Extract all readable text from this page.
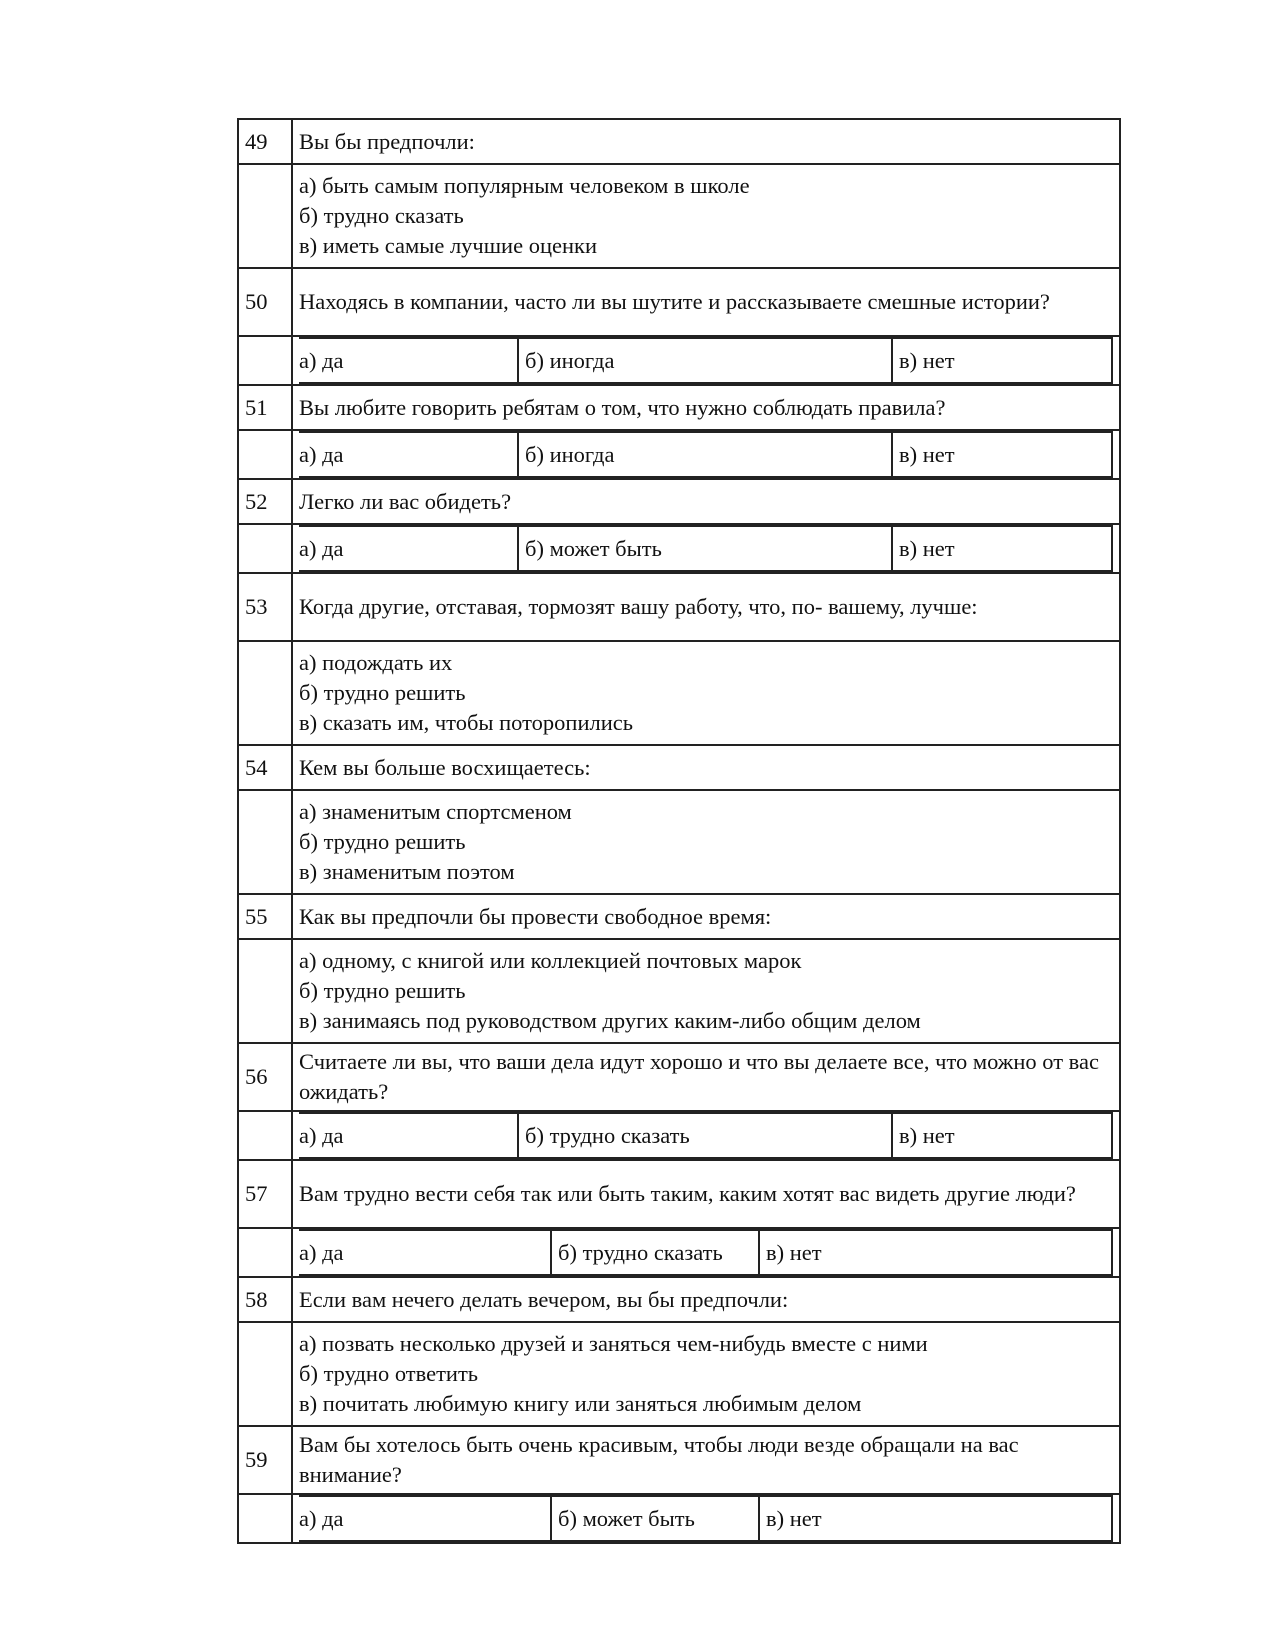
49	Вы бы предпочли:

а) быть самым популярным человеком в школе
б) трудно сказать
в) иметь самые лучшие оценки

50	Находясь в компании, часто ли вы шутите и рассказываете смешные истории?

а) да	б) иногда	в) нет

51	Вы любите говорить ребятам о том, что нужно соблюдать правила?

а) да	б) иногда	в) нет

52	Легко ли вас обидеть?

а) да	б) может быть	в) нет

53	Когда другие, отставая, тормозят вашу работу, что, по- вашему, лучше:

а) подождать их
б) трудно решить
в) сказать им, чтобы поторопились

54	Кем вы больше восхищаетесь:

а) знаменитым спортсменом
б) трудно решить
в) знаменитым поэтом

55	Как вы предпочли бы провести свободное время:

а) одному, с книгой или коллекцией почтовых марок
б) трудно решить
в) занимаясь под руководством других каким-либо общим делом

56	Считаете ли вы, что ваши дела идут хорошо и что вы делаете все, что можно от вас ожидать?

а) да	б) трудно сказать	в) нет

57	Вам трудно вести себя так или быть таким, каким хотят вас видеть другие люди?

а) да	б) трудно сказать	в) нет

58	Если вам нечего делать вечером, вы бы предпочли:

а) позвать несколько друзей и заняться чем-нибудь вместе с ними
б) трудно ответить
в) почитать любимую книгу или заняться любимым делом

59	Вам бы хотелось быть очень красивым, чтобы люди везде обращали на вас внимание?

а) да	б) может быть	в) нет
